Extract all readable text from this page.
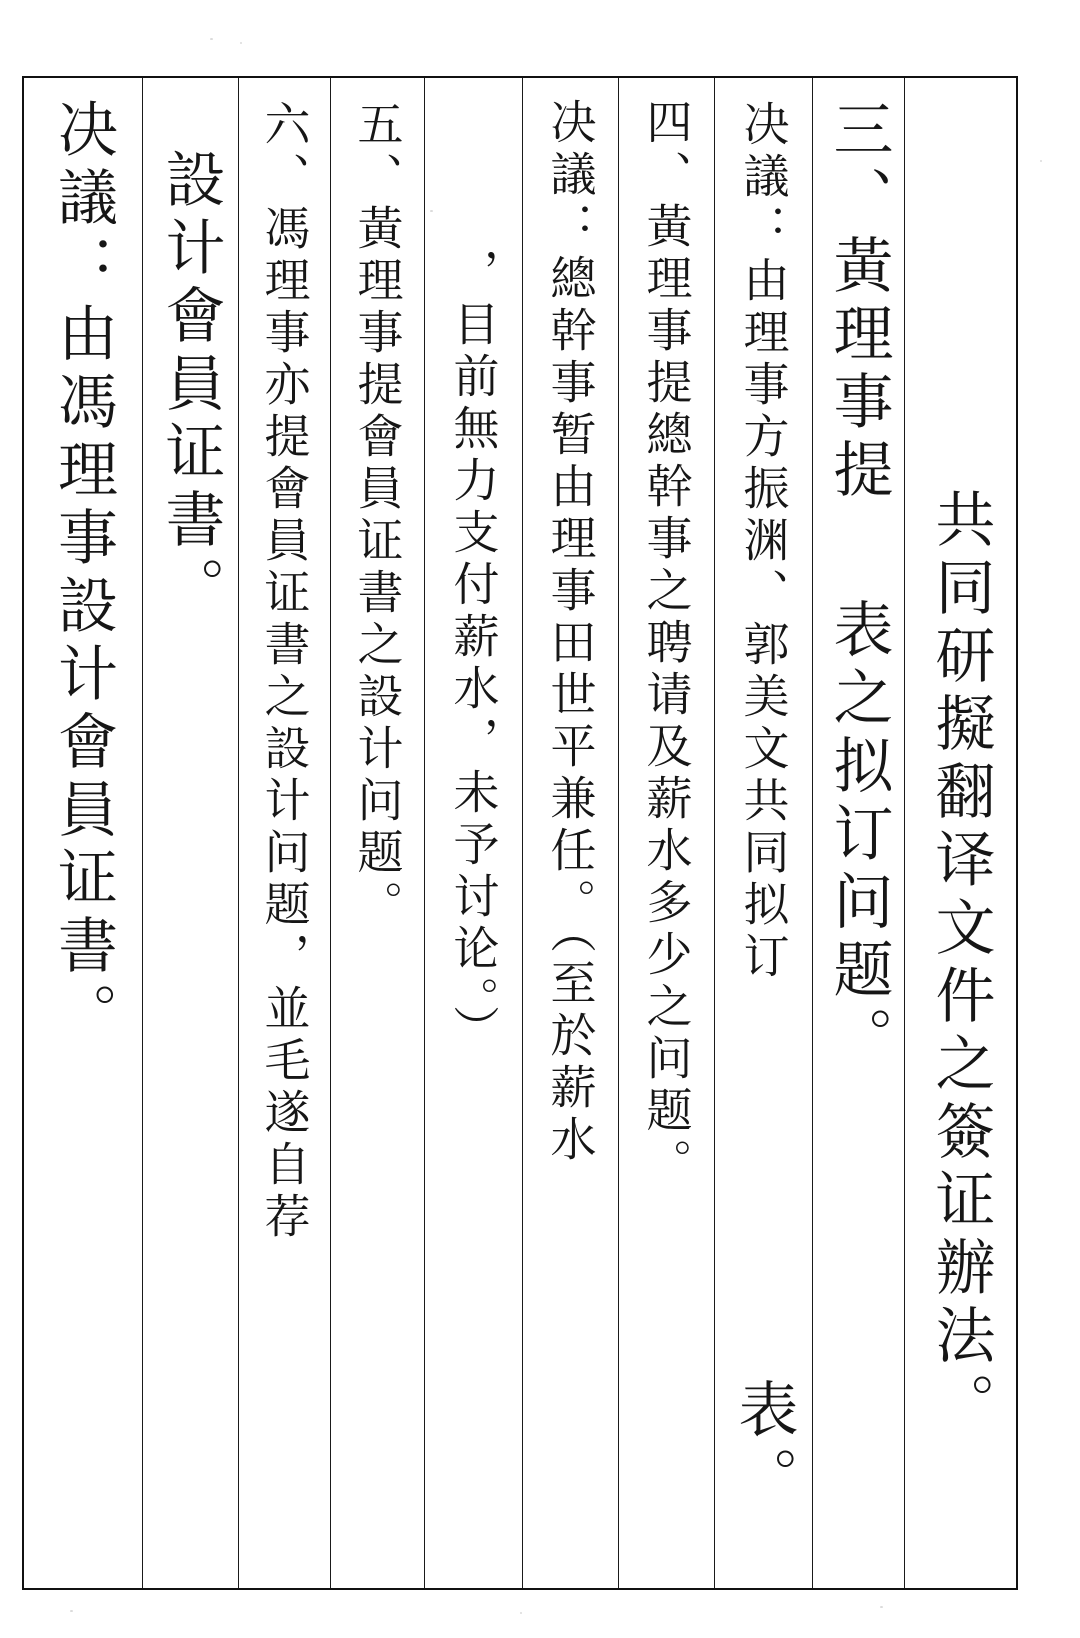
共同研擬翻译文件之簽证辦法。
三、黃理事提
表之拟订问题。
决議：由理事方振渊、郭美文共同拟订
表。
四、黃理事提總幹事之聘请及薪水多少之问题。
决議：總幹事暂由理事田世平兼任。（至於薪水
，目前無力支付薪水，未予讨论。）
五、黃理事提會員证書之設计问题。
六、馮理事亦提會員证書之設计问题，並毛遂自荐
設计會員证書。
决議：由馮理事設计會員证書。
